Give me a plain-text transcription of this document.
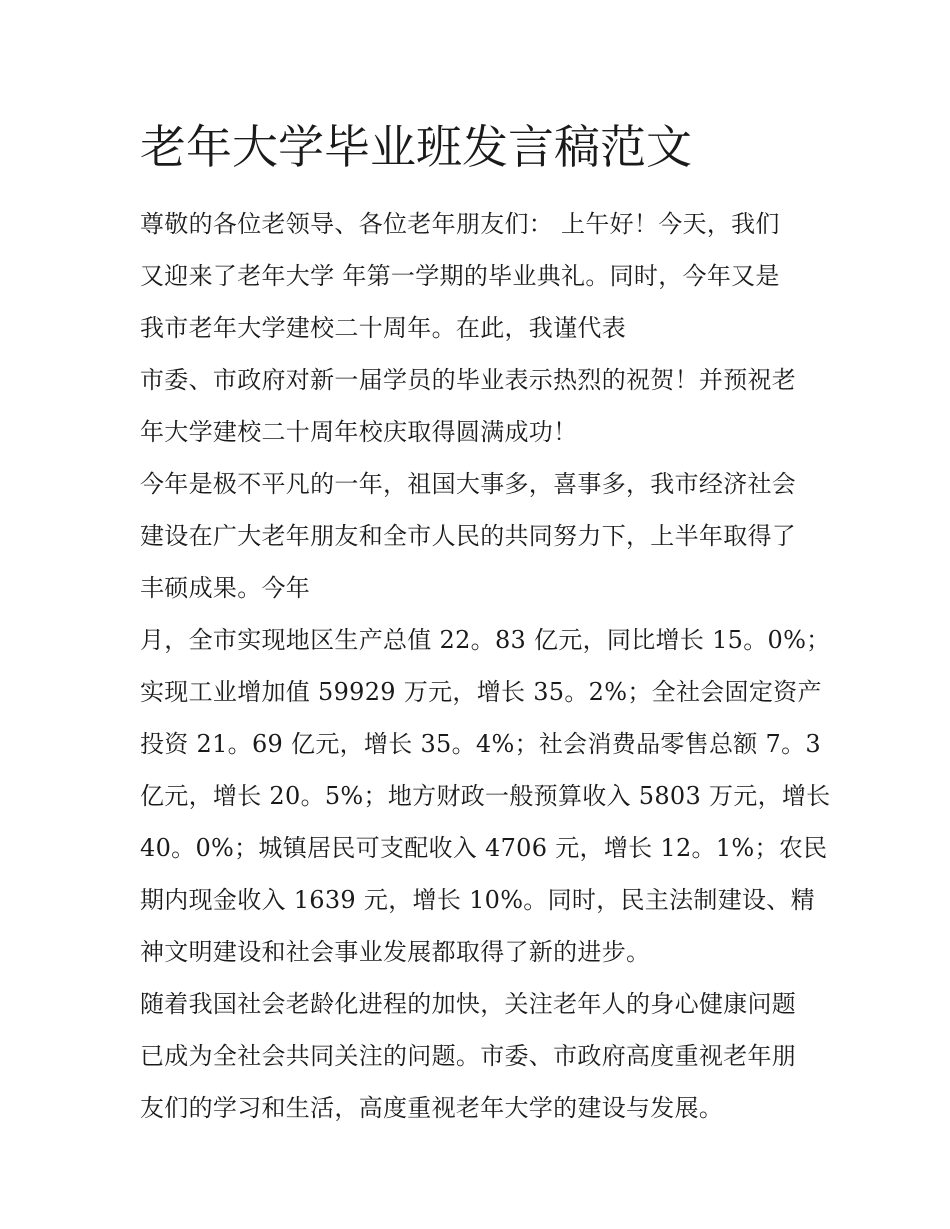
老年大学毕业班发言稿范文
尊敬的各位老领导、各位老年朋友们： 上午好！今天，我们
又迎来了老年大学 年第一学期的毕业典礼。同时，今年又是
我市老年大学建校二十周年。在此，我谨代表
市委、市政府对新一届学员的毕业表示热烈的祝贺！并预祝老
年大学建校二十周年校庆取得圆满成功！
今年是极不平凡的一年，祖国大事多，喜事多，我市经济社会
建设在广大老年朋友和全市人民的共同努力下，上半年取得了
丰硕成果。今年
月，全市实现地区生产总值 22。83 亿元，同比增长 15。0%；
实现工业增加值 59929 万元，增长 35。2%；全社会固定资产
投资 21。69 亿元，增长 35。4%；社会消费品零售总额 7。3
亿元，增长 20。5%；地方财政一般预算收入 5803 万元，增长
40。0%；城镇居民可支配收入 4706 元，增长 12。1%；农民
期内现金收入 1639 元，增长 10%。同时，民主法制建设、精
神文明建设和社会事业发展都取得了新的进步。
随着我国社会老龄化进程的加快，关注老年人的身心健康问题
已成为全社会共同关注的问题。市委、市政府高度重视老年朋
友们的学习和生活，高度重视老年大学的建设与发展。
